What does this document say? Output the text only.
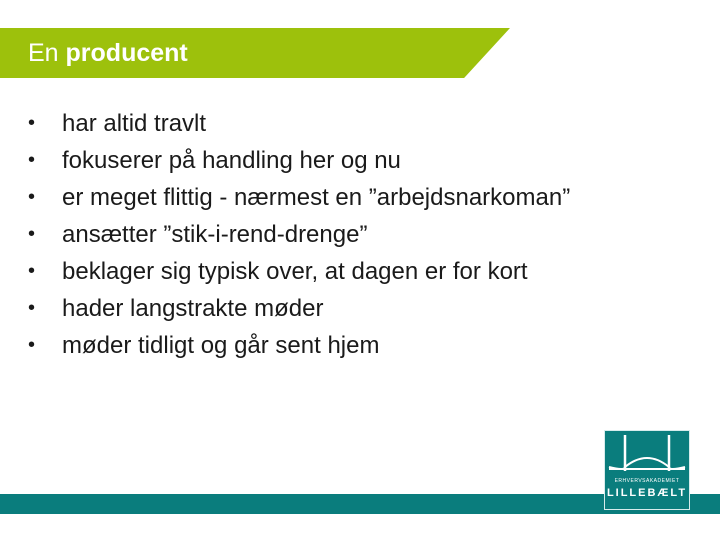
En producent
•	har altid travlt
•	fokuserer på handling her og nu
•	er meget flittig - nærmest en ”arbejdsnarkoman”
•	ansætter ”stik-i-rend-drenge”
•	beklager sig typisk over, at dagen er for kort
•	hader langstrakte møder
•	møder tidligt og går sent hjem
ERHVERVSAKADEMIET
LILLEBÆLT
